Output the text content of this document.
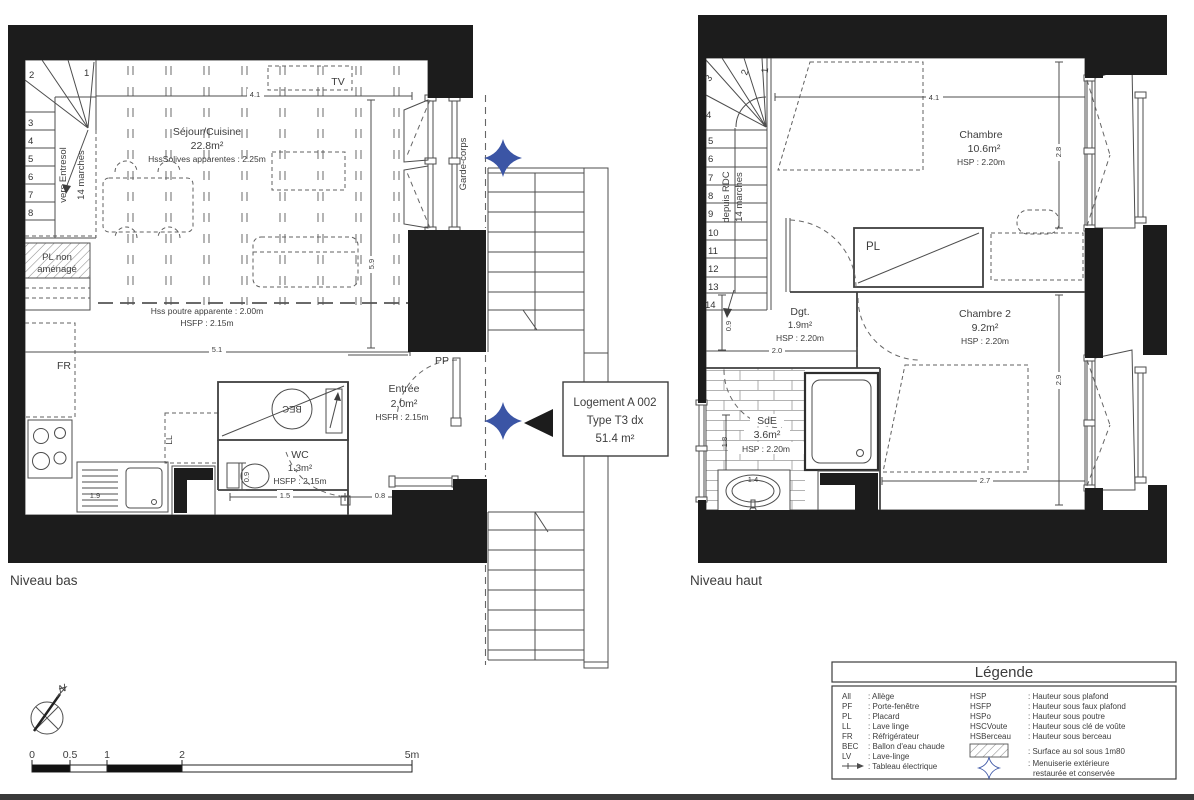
1
2
3
4
5
6
7
8
vers Entresol 14 marches
PL non
aménagé
Séjour/Cuisine
22.8m²
HssSolives apparentes : 2.25m
TV
Hss poutre apparente : 2.00m
HSFP : 2.15m
FR
LL
BEC
WC
1.3m²
HSFP : 2.15m
Entrée
2.0m²
HSFP : 2.15m
PP
Garde-corps
4.1
5.9
5.1
1.9
0.9
1.5	0.8
Niveau bas
Logement A 002
Type T3 dx
51.4 m²
1
2
3
4
5
6
7
8
9
10
11
12
13
14
depuis RDC 14 marches
Chambre
10.6m²
HSP : 2.20m
PL
Dgt.
1.9m²
HSP : 2.20m
Chambre 2
9.2m²
HSP : 2.20m
SdE
3.6m²
HSP : 2.20m
4.1
2.8
2.9
0.9
2.0
1.8
1.4	2.7
Niveau haut
N
0	0.5	1	2	5m
Légende
All : Allège
PF : Porte-fenêtre
PL : Placard
LL : Lave linge
FR : Réfrigérateur
BEC : Ballon d'eau chaude
LV : Lave-linge
: Tableau électrique
HSP	: Hauteur sous plafond
HSFP	: Hauteur sous faux plafond
HSPo	: Hauteur sous poutre
HSCVoute	: Hauteur sous clé de voûte
HSBerceau : Hauteur sous berceau
: Surface au sol sous 1m80
: Menuiserie extérieure
restaurée et conservée
